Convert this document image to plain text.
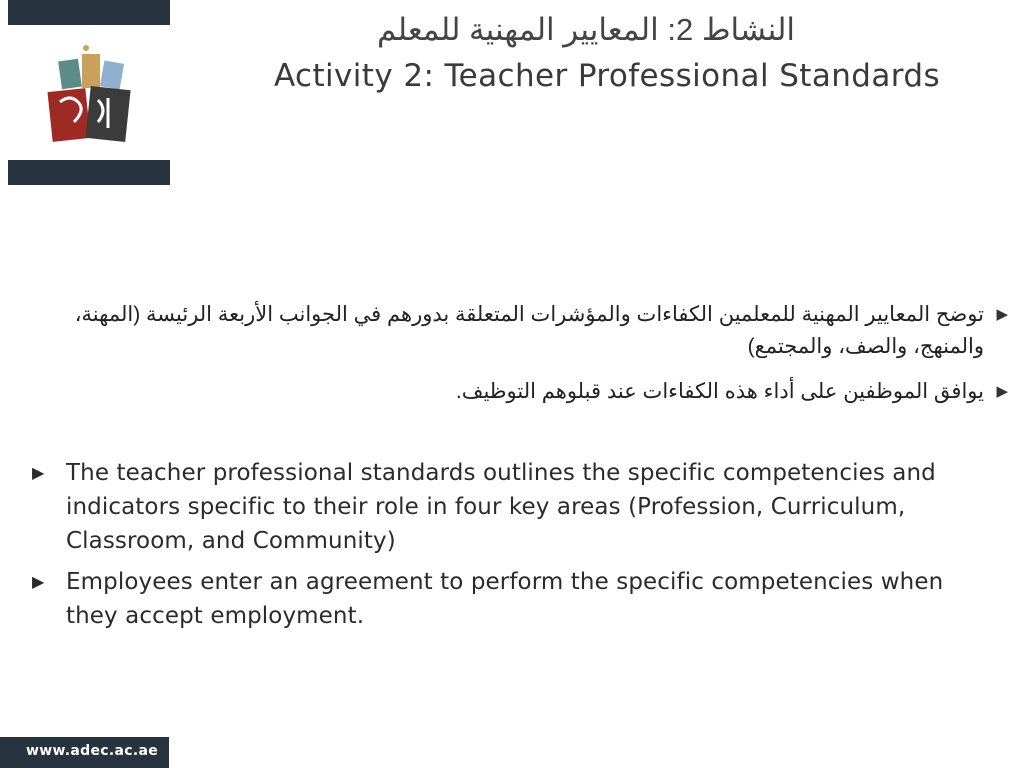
النشاط 2: المعايير المهنية للمعلم
Activity 2: Teacher Professional Standards
▶
توضح المعايير المهنية للمعلمين الكفاءات والمؤشرات المتعلقة بدورهم في الجوانب الأربعة الرئيسة (المهنة، والمنهج، والصف، والمجتمع)
▶
يوافق الموظفين على أداء هذه الكفاءات عند قبلوهم التوظيف.
▶ The teacher professional standards outlines the specific competencies and indicators specific to their role in four key areas (Profession, Curriculum, Classroom, and Community)
▶ Employees enter an agreement to perform the specific competencies when they accept employment.
www.adec.ac.ae
